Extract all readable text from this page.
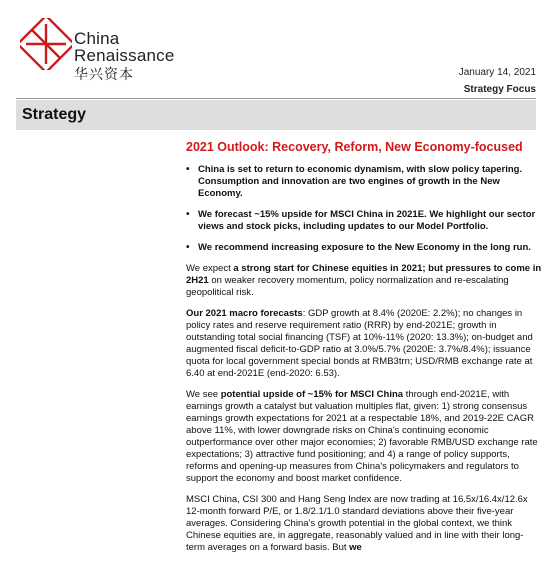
China
Renaissance
华兴资本	January 14, 2021
Strategy Focus
Strategy
2021 Outlook: Recovery, Reform, New Economy-focused
• China is set to return to economic dynamism, with slow policy tapering. Consumption and innovation are two engines of growth in the New Economy.
• We forecast ~15% upside for MSCI China in 2021E. We highlight our sector views and stock picks, including updates to our Model Portfolio.
• We recommend increasing exposure to the New Economy in the long run.

We expect a strong start for Chinese equities in 2021; but pressures to come in 2H21 on weaker recovery momentum, policy normalization and re-escalating geopolitical risk.

Our 2021 macro forecasts: GDP growth at 8.4% (2020E: 2.2%); no changes in policy rates and reserve requirement ratio (RRR) by end-2021E; growth in outstanding total social financing (TSF) at 10%-11% (2020: 13.3%); on-budget and augmented fiscal deficit-to-GDP ratio at 3.0%/5.7% (2020E: 3.7%/8.4%); issuance quota for local government special bonds at RMB3trn; USD/RMB exchange rate at 6.40 at end-2021E (end-2020: 6.53).

We see potential upside of ~15% for MSCI China through end-2021E, with earnings growth a catalyst but valuation multiples flat, given: 1) strong consensus earnings growth expectations for 2021 at a respectable 18%, and 2019-22E CAGR above 11%, with lower downgrade risks on China's continuing economic outperformance over other major economies; 2) favorable RMB/USD exchange rate expectations; 3) attractive fund positioning; and 4) a range of policy supports, reforms and opening-up measures from China's policymakers and regulators to support the economy and boost market confidence.

MSCI China, CSI 300 and Hang Seng Index are now trading at 16.5x/16.4x/12.6x 12-month forward P/E, or 1.8/2.1/1.0 standard deviations above their five-year averages. Considering China's growth potential in the global context, we think Chinese equities are, in aggregate, reasonably valued and in line with their long-term averages on a forward basis. But we
